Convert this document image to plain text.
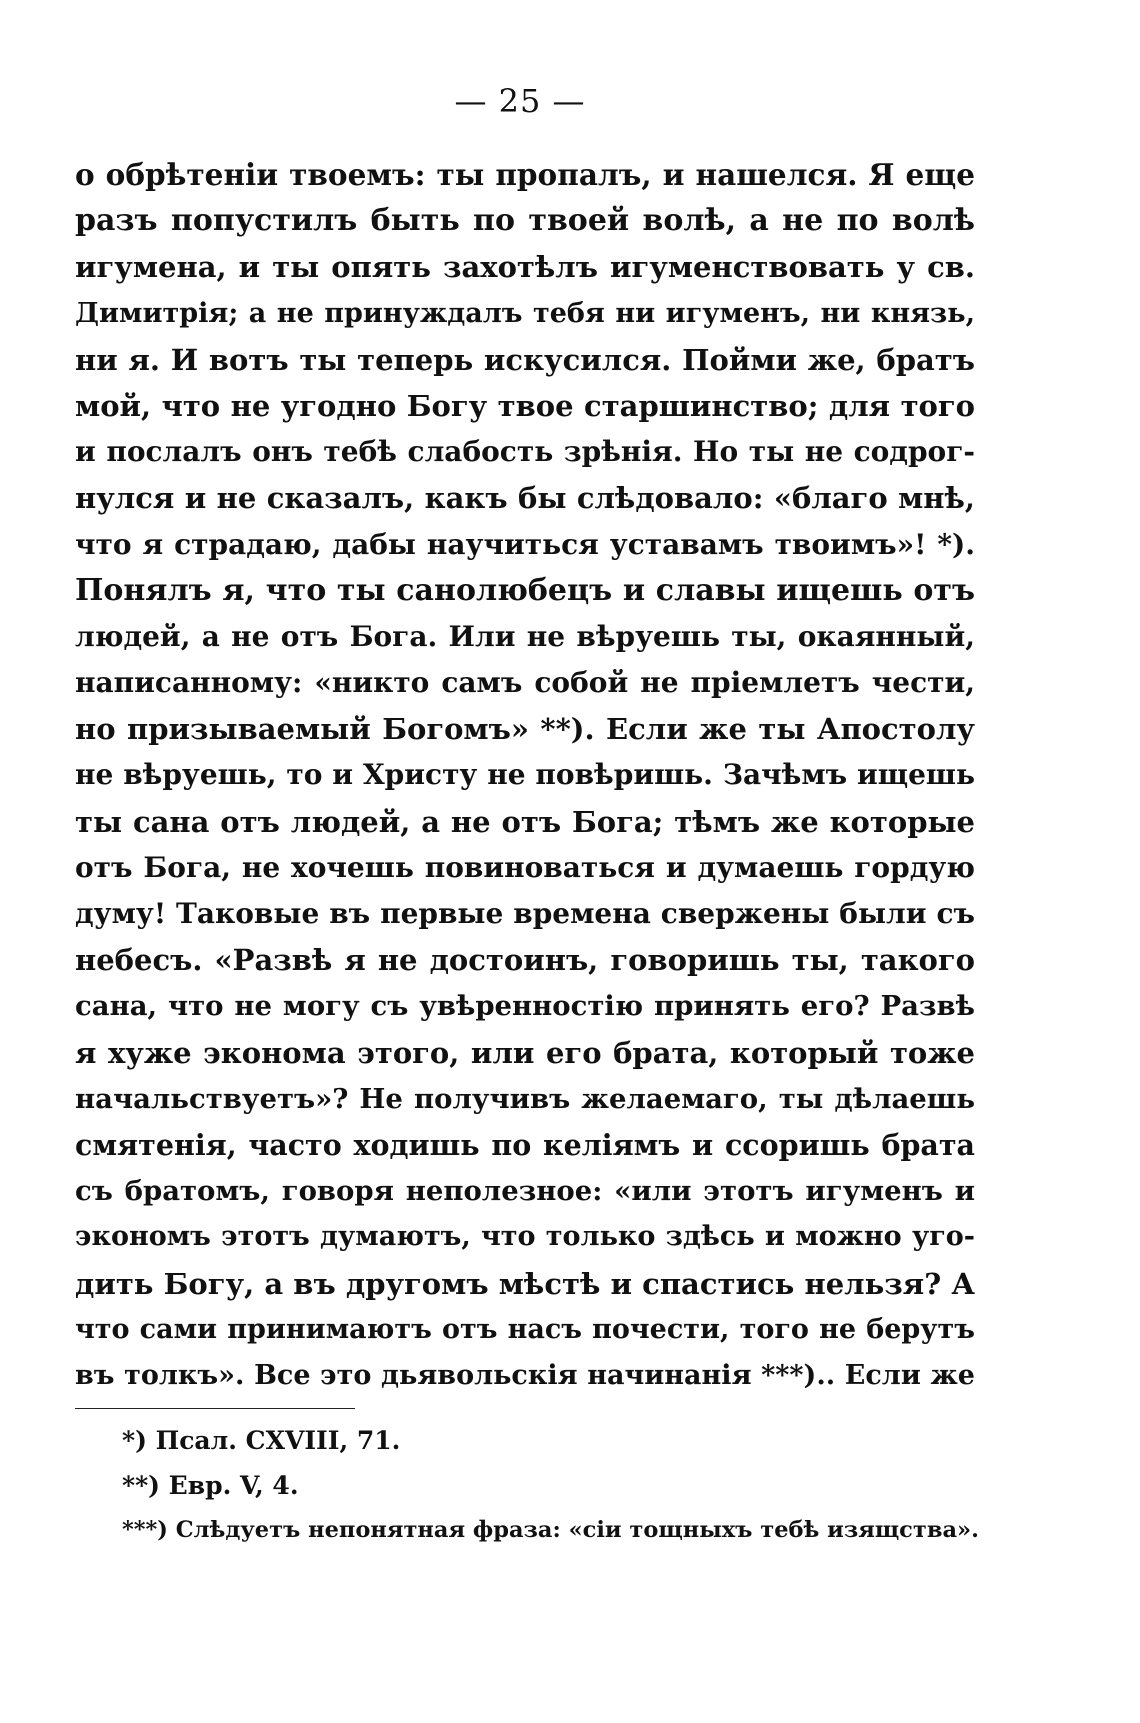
— 25 —
о обрѣтеніи твоемъ: ты пропалъ, и нашелся. Я еще
разъ попустилъ быть по твоей волѣ, а не по волѣ
игумена, и ты опять захотѣлъ игуменствовать у св.
Димитрія; а не принуждалъ тебя ни игуменъ, ни князь,
ни я. И вотъ ты теперь искусился. Пойми же, братъ
мой, что не угодно Богу твое старшинство; для того
и послалъ онъ тебѣ слабость зрѣнія. Но ты не содрог-
нулся и не сказалъ, какъ бы слѣдовало: «благо мнѣ,
что я страдаю, дабы научиться уставамъ твоимъ»! *).
Понялъ я, что ты санолюбецъ и славы ищешь отъ
людей, а не отъ Бога. Или не вѣруешь ты, окаянный,
написанному: «никто самъ собой не пріемлетъ чести,
но призываемый Богомъ» **). Если же ты Апостолу
не вѣруешь, то и Христу не повѣришь. Зачѣмъ ищешь
ты сана отъ людей, а не отъ Бога; тѣмъ же которые
отъ Бога, не хочешь повиноваться и думаешь гордую
думу! Таковые въ первые времена свержены были съ
небесъ. «Развѣ я не достоинъ, говоришь ты, такого
сана, что не могу съ увѣренностію принять его? Развѣ
я хуже эконома этого, или его брата, который тоже
начальствуетъ»? Не получивъ желаемаго, ты дѣлаешь
смятенія, часто ходишь по келіямъ и ссоришь брата
съ братомъ, говоря неполезное: «или этотъ игуменъ и
экономъ этотъ думаютъ, что только здѣсь и можно уго-
дить Богу, а въ другомъ мѣстѣ и спастись нельзя? А
что сами принимаютъ отъ насъ почести, того не берутъ
въ толкъ». Все это дьявольскія начинанія ***).. Если же
*) Псал. CXVIII, 71.
**) Евр. V, 4.
***) Слѣдуетъ непонятная фраза: «сіи тощныхъ тебѣ изящства».
